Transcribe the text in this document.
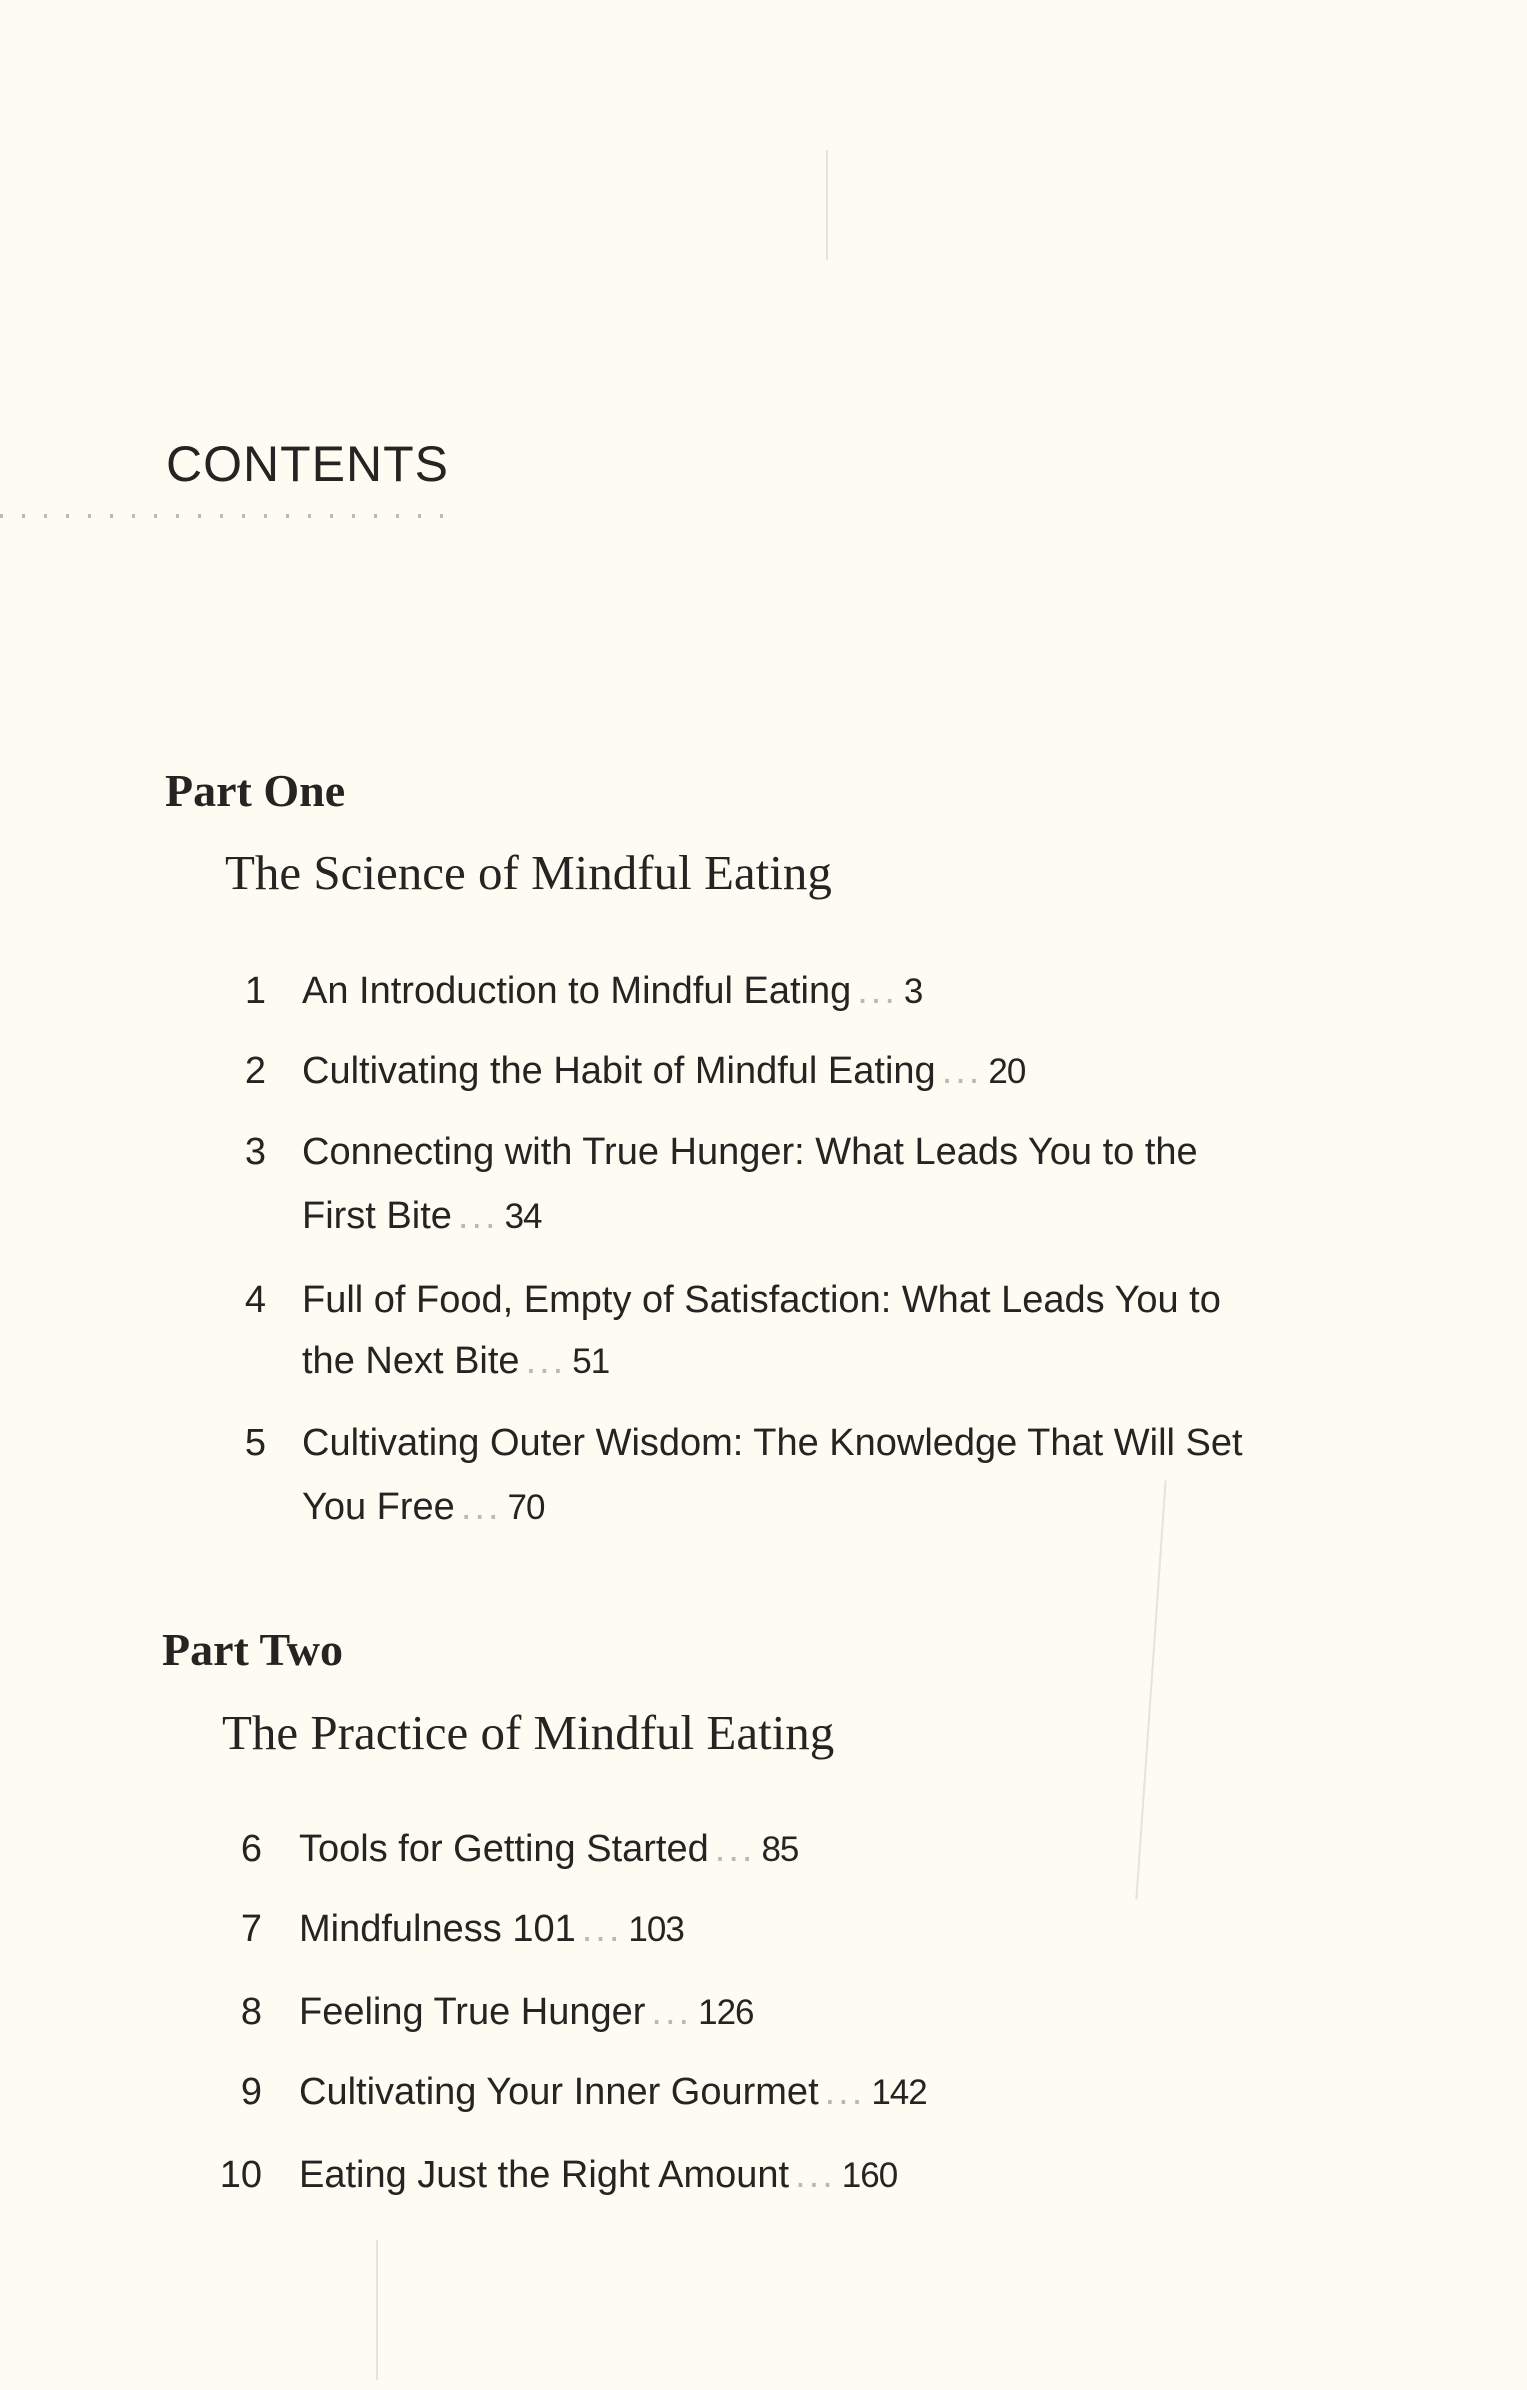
CONTENTS
Part One
The Science of Mindful Eating
1 An Introduction to Mindful Eating ... 3
2 Cultivating the Habit of Mindful Eating ... 20
3 Connecting with True Hunger: What Leads You to the
First Bite ... 34
4 Full of Food, Empty of Satisfaction: What Leads You to
the Next Bite ... 51
5 Cultivating Outer Wisdom: The Knowledge That Will Set
You Free ... 70
Part Two
The Practice of Mindful Eating
6 Tools for Getting Started ... 85
7 Mindfulness 101 ... 103
8 Feeling True Hunger ... 126
9 Cultivating Your Inner Gourmet ... 142
10 Eating Just the Right Amount ... 160
